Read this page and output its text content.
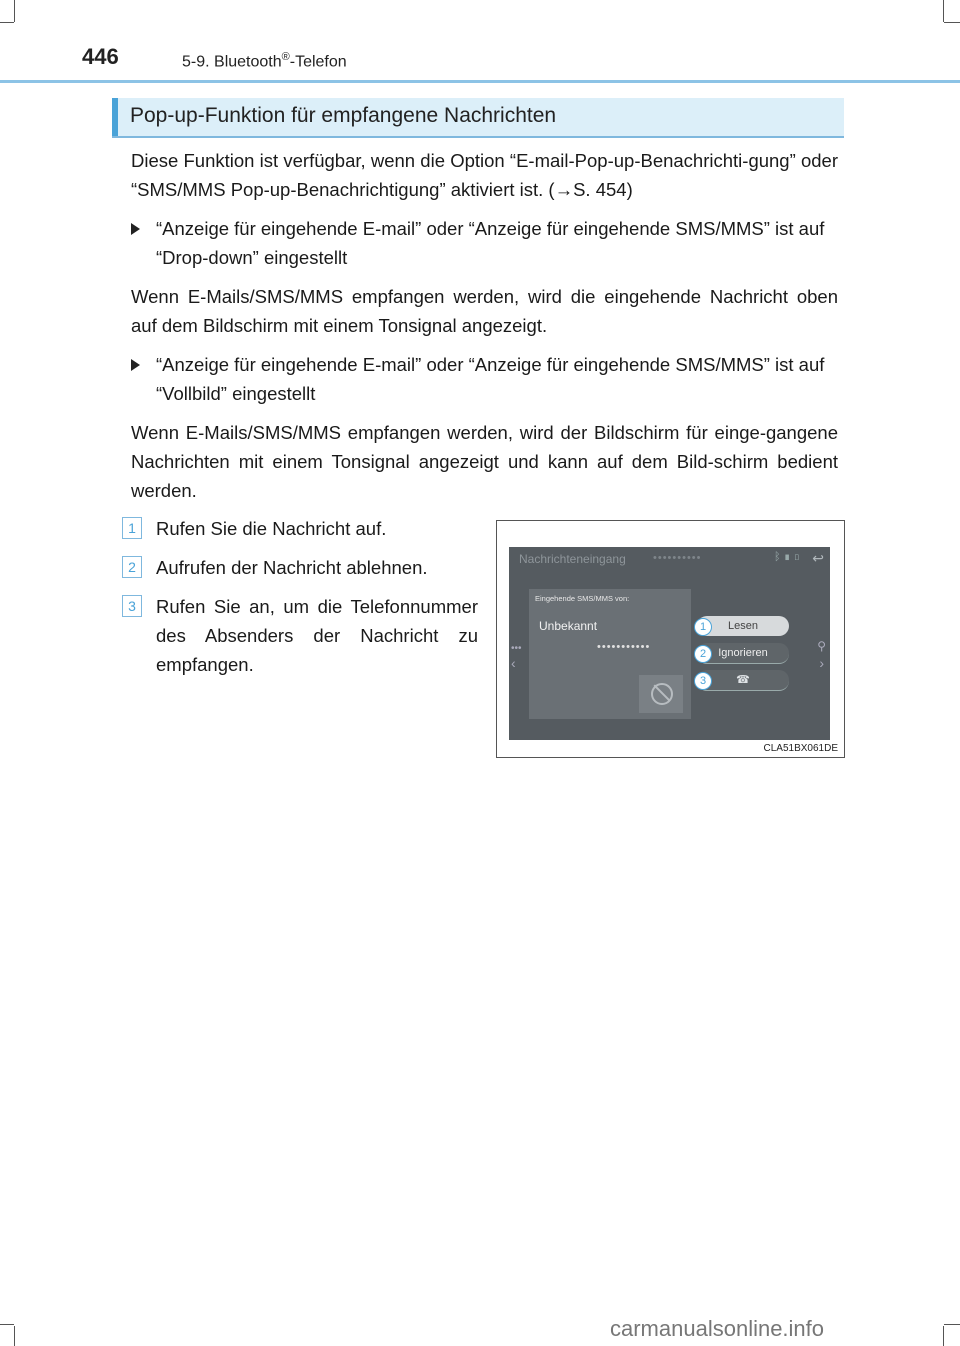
446	5-9. Bluetooth®-Telefon
Pop-up-Funktion für empfangene Nachrichten
Diese Funktion ist verfügbar, wenn die Option “E-mail-Pop-up-Benachrichti-gung” oder “SMS/MMS Pop-up-Benachrichtigung” aktiviert ist. (→S. 454)
“Anzeige für eingehende E-mail” oder “Anzeige für eingehende SMS/MMS” ist auf “Drop-down” eingestellt
Wenn E-Mails/SMS/MMS empfangen werden, wird die eingehende Nachricht oben auf dem Bildschirm mit einem Tonsignal angezeigt.
“Anzeige für eingehende E-mail” oder “Anzeige für eingehende SMS/MMS” ist auf “Vollbild” eingestellt
Wenn E-Mails/SMS/MMS empfangen werden, wird der Bildschirm für einge-gangene Nachrichten mit einem Tonsignal angezeigt und kann auf dem Bild-schirm bedient werden.
1	Rufen Sie die Nachricht auf.
2	Aufrufen der Nachricht ablehnen.
3	Rufen Sie an, um die Telefonnummer des Absenders der Nachricht zu empfangen.
Nachrichteneingang ••••••••••	ᛒ ▮ ▯ ↩
•••
‹
⚲
›
Eingehende SMS/MMS von:
Unbekannt
•••••••••••
Lesen
Ignorieren
☎
1
2
3
CLA51BX061DE
carmanualsonline.info
